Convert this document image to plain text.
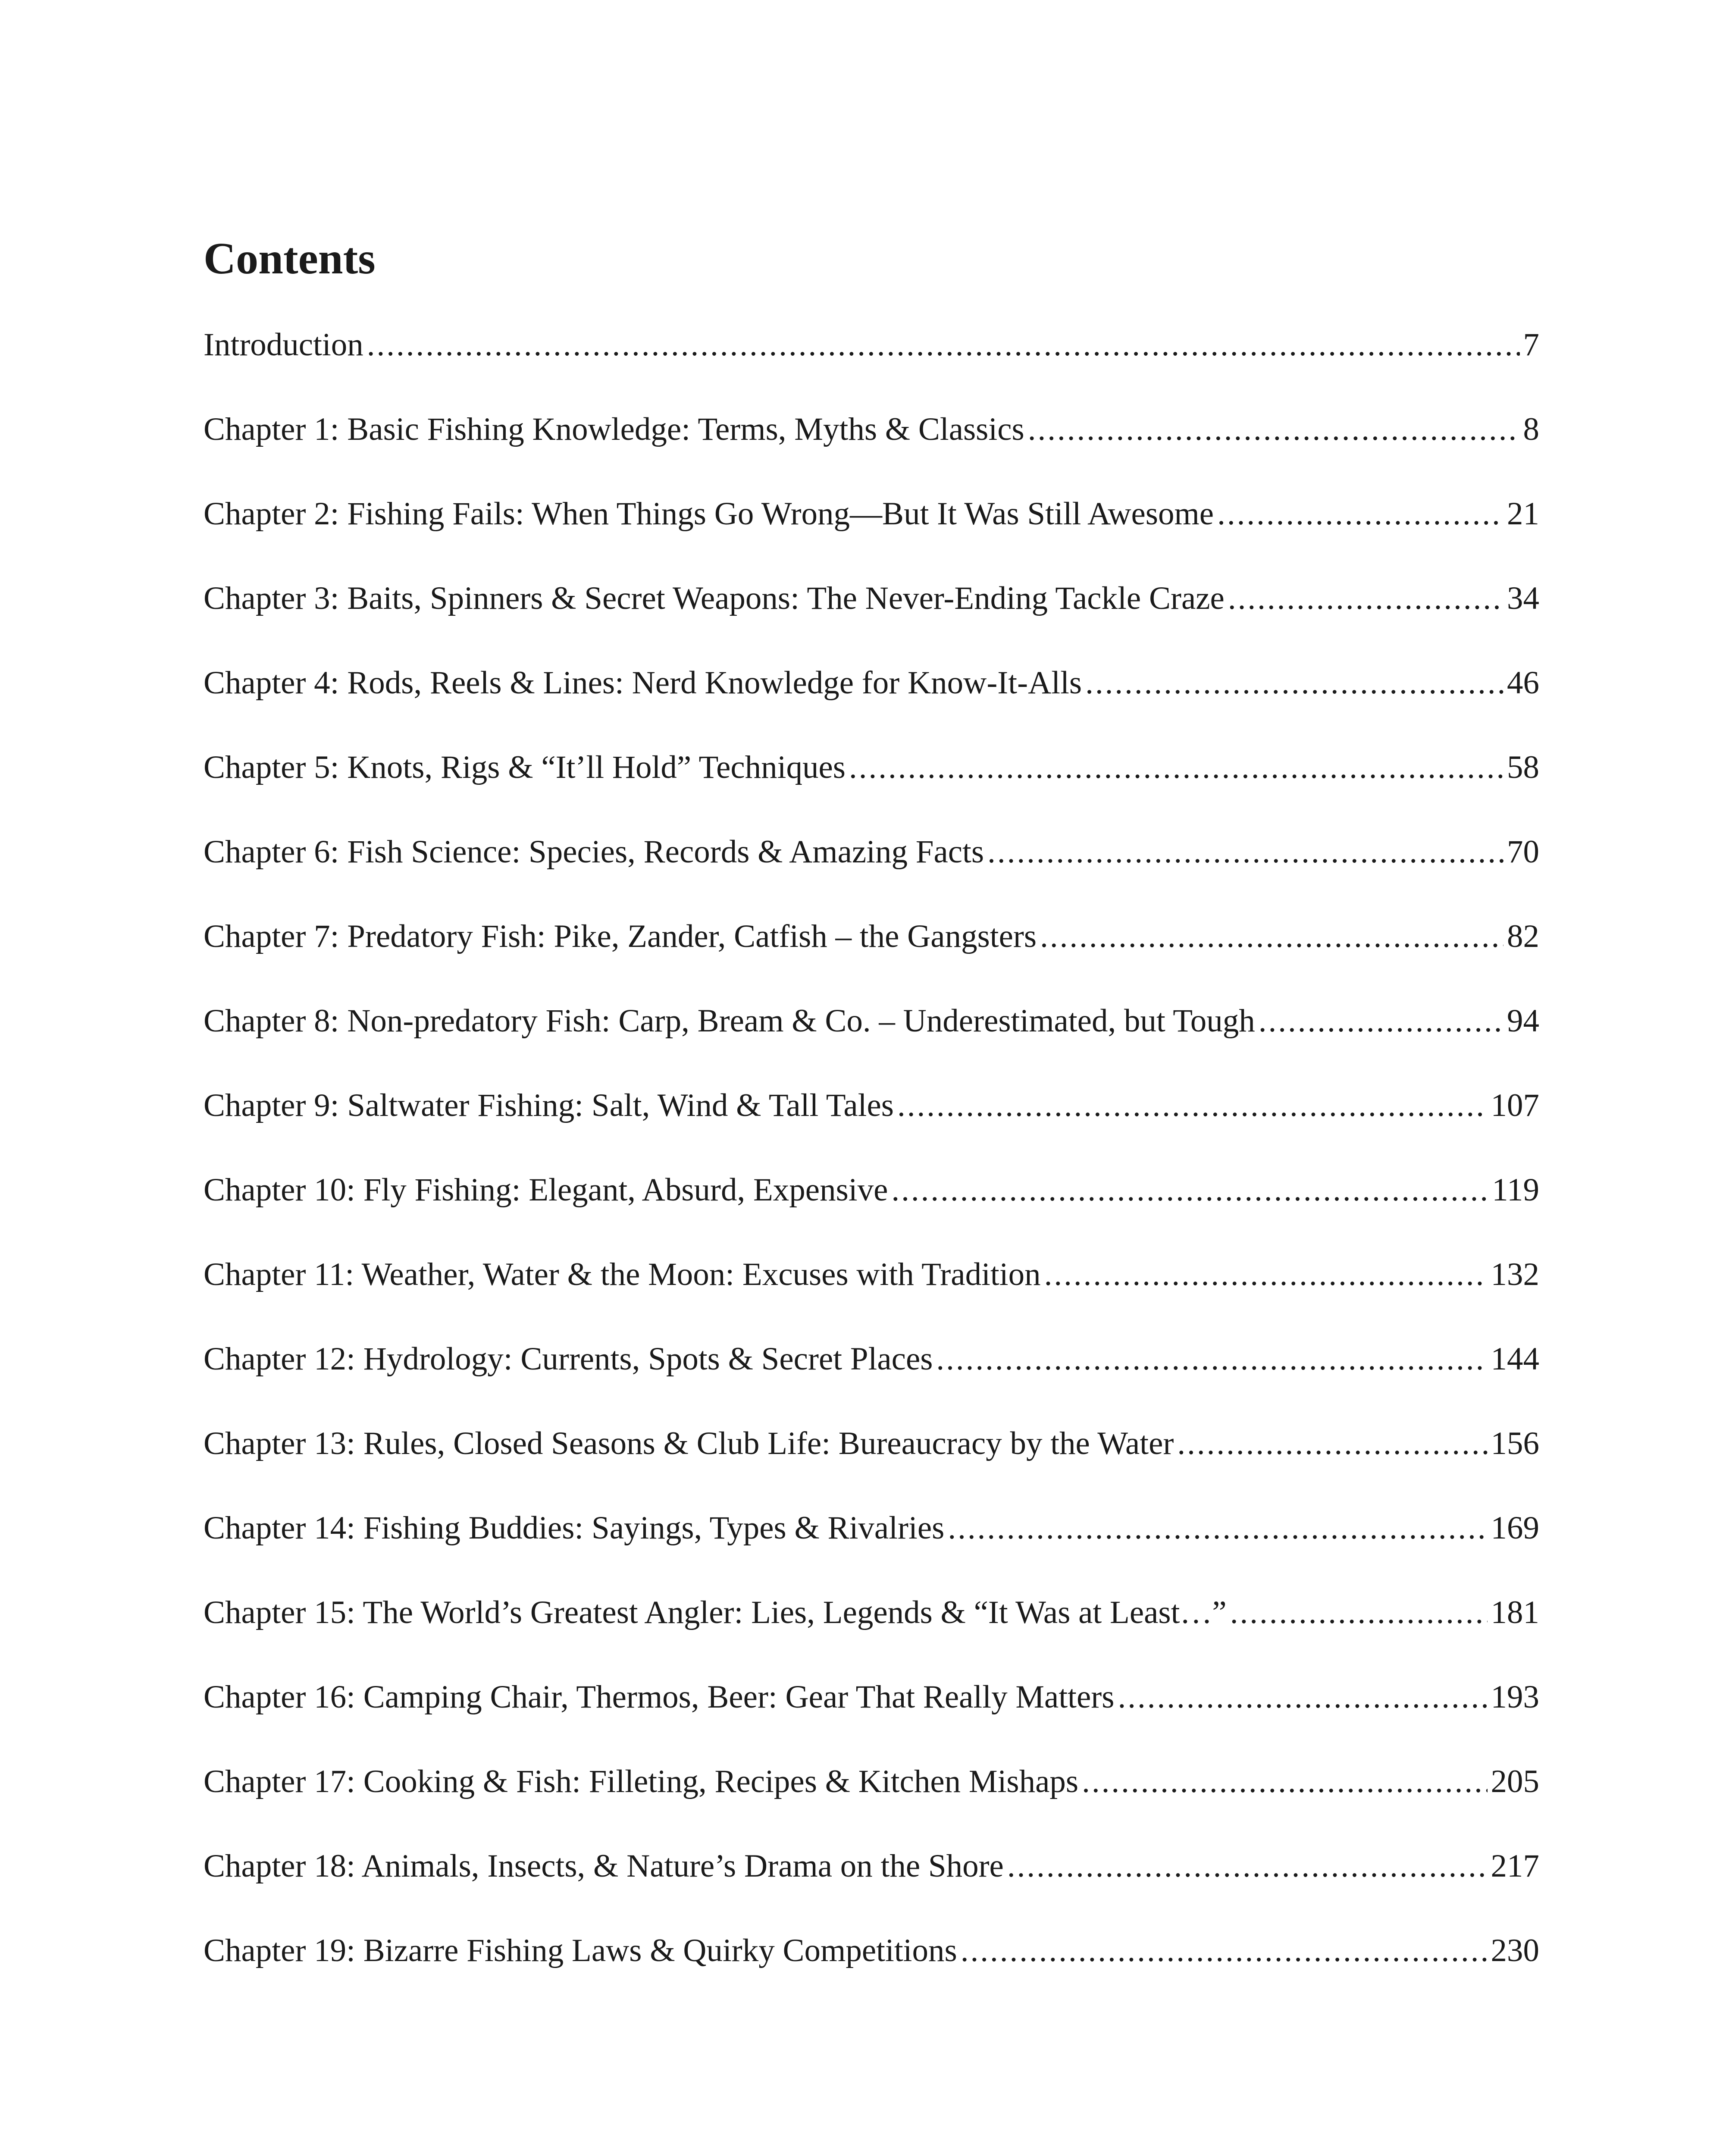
Contents
Introduction .....	7
Chapter 1: Basic Fishing Knowledge: Terms, Myths & Classics .....	8
Chapter 2: Fishing Fails: When Things Go Wrong—But It Was Still Awesome .....	21
Chapter 3: Baits, Spinners & Secret Weapons: The Never-Ending Tackle Craze .....	34
Chapter 4: Rods, Reels & Lines: Nerd Knowledge for Know-It-Alls .....	46
Chapter 5: Knots, Rigs & “It’ll Hold” Techniques .....	58
Chapter 6: Fish Science: Species, Records & Amazing Facts .....	70
Chapter 7: Predatory Fish: Pike, Zander, Catfish – the Gangsters .....	82
Chapter 8: Non-predatory Fish: Carp, Bream & Co. – Underestimated, but Tough .....	94
Chapter 9: Saltwater Fishing: Salt, Wind & Tall Tales .....	107
Chapter 10: Fly Fishing: Elegant, Absurd, Expensive .....	119
Chapter 11: Weather, Water & the Moon: Excuses with Tradition .....	132
Chapter 12: Hydrology: Currents, Spots & Secret Places .....	144
Chapter 13: Rules, Closed Seasons & Club Life: Bureaucracy by the Water .....	156
Chapter 14: Fishing Buddies: Sayings, Types & Rivalries .....	169
Chapter 15: The World’s Greatest Angler: Lies, Legends & “It Was at Least…” .....	181
Chapter 16: Camping Chair, Thermos, Beer: Gear That Really Matters .....	193
Chapter 17: Cooking & Fish: Filleting, Recipes & Kitchen Mishaps .....	205
Chapter 18: Animals, Insects, & Nature’s Drama on the Shore .....	217
Chapter 19: Bizarre Fishing Laws & Quirky Competitions .....	230
